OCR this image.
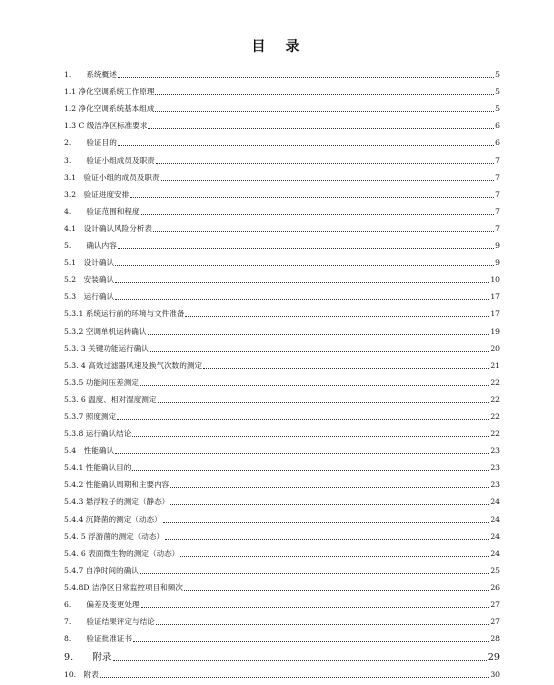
目　录
1.　　系统概述	5
1.1 净化空调系统工作原理	5
1.2 净化空调系统基本组成	5
1.3 C 级洁净区标准要求	6
2.　　验证目的	6
3.　　验证小组成员及职责	7
3.1　验证小组的成员及职责	7
3.2　验证进度安排	7
4.　　验证范围和程度	7
4.1　设计确认风险分析表	7
5.　　确认内容	9
5.1　设计确认	9
5.2　安装确认	10
5.3　运行确认	17
5.3.1 系统运行前的环境与文件准备	17
5.3.2 空调单机运转确认	19
5.3. 3 关键功能运行确认	20
5.3. 4 高效过滤器风速及换气次数的测定	21
5.3.5 功能间压差测定	22
5.3. 6 温度、相对湿度测定	22
5.3.7 照度测定	22
5.3.8 运行确认结论	22
5.4　性能确认	23
5.4.1 性能确认目的	23
5.4.2 性能确认周期和主要内容	23
5.4.3 悬浮粒子的测定（静态）	24
5.4.4 沉降菌的测定（动态）	24
5.4. 5 浮游菌的测定（动态）	24
5.4. 6 表面微生物的测定（动态）	24
5.4.7 自净时间的确认	25
5.4.8D 洁净区日常监控项目和频次	26
6.　　偏差及变更处理	27
7.　　验证结果评定与结论	27
8.　　验证批准证书	28
9.　　附录	29
10.　附表	30
